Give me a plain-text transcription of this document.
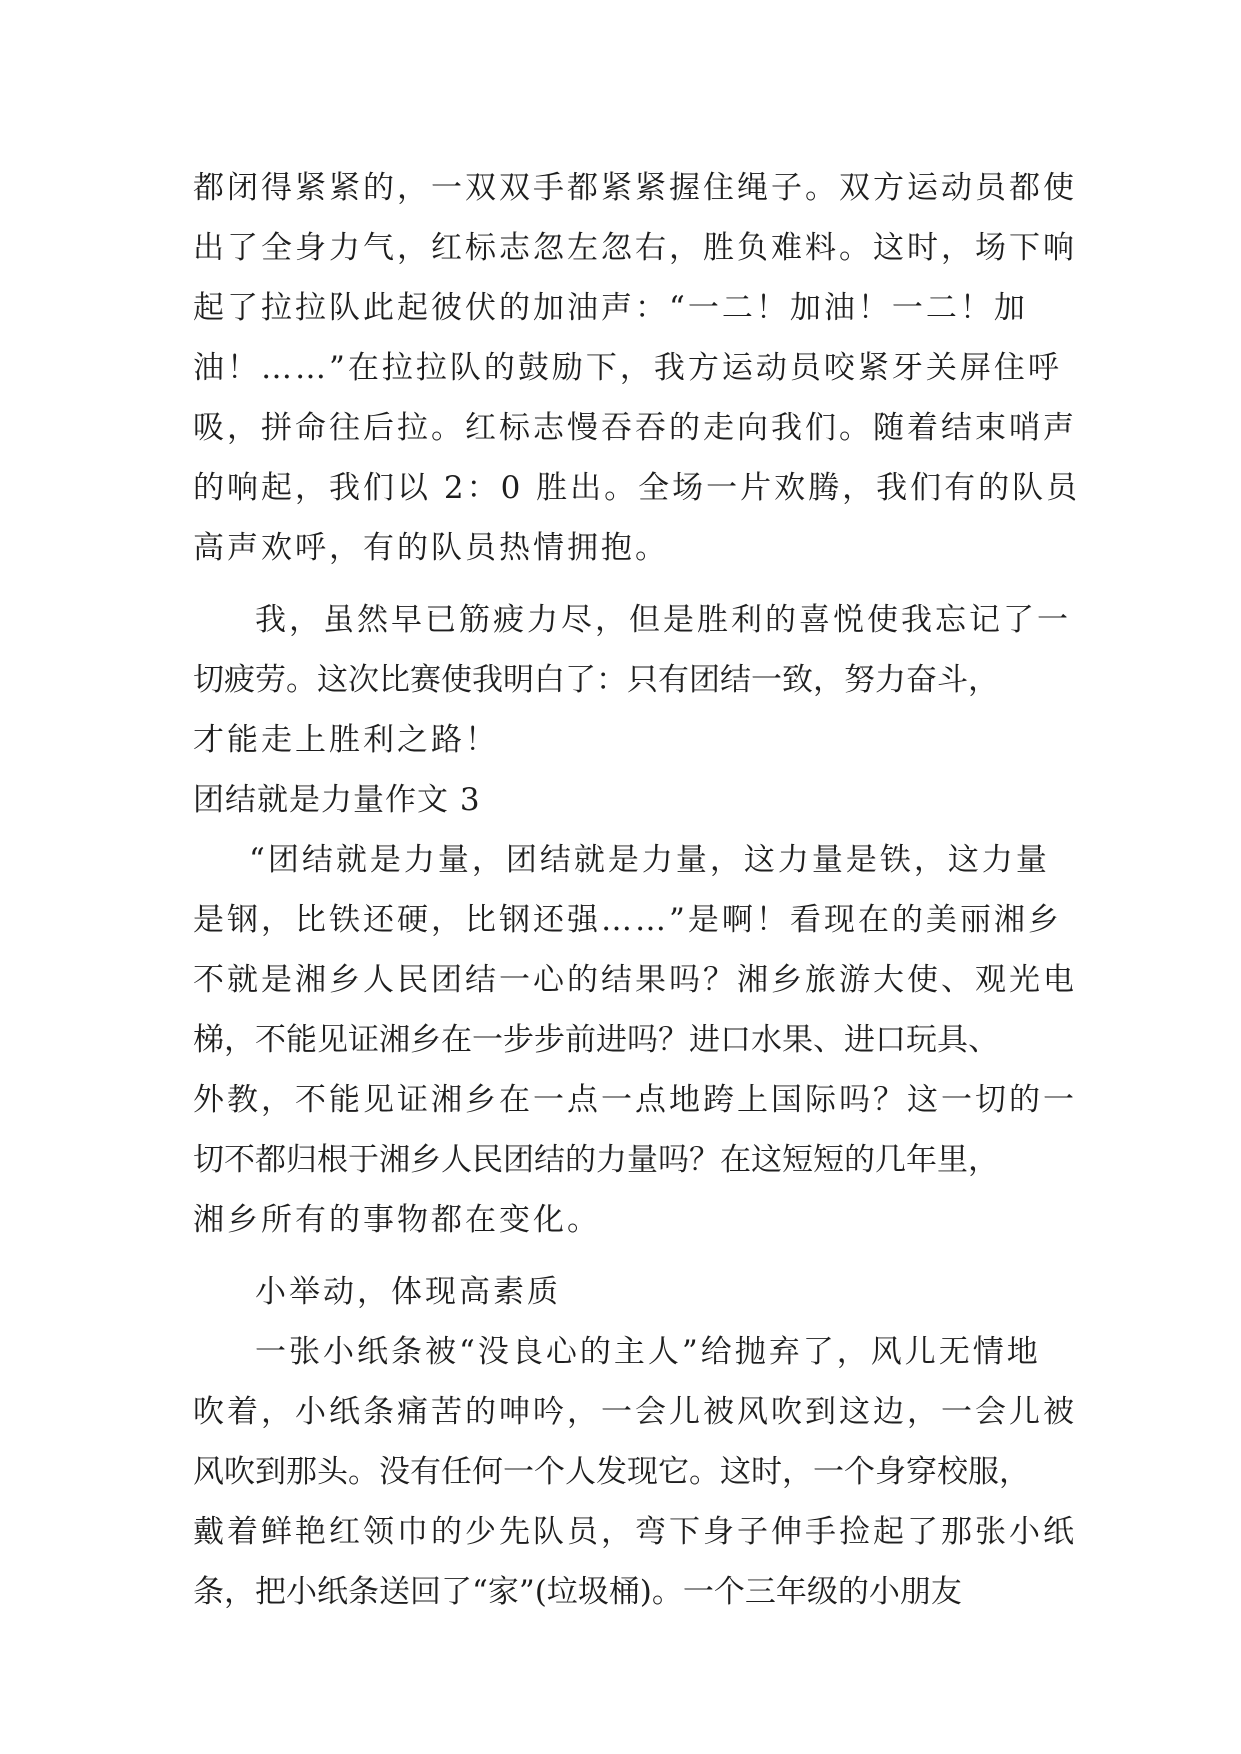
都闭得紧紧的，一双双手都紧紧握住绳子。双方运动员都使
出了全身力气，红标志忽左忽右，胜负难料。这时，场下响
起了拉拉队此起彼伏的加油声：“一二！加油！一二！加
油！……”在拉拉队的鼓励下，我方运动员咬紧牙关屏住呼
吸，拼命往后拉。红标志慢吞吞的走向我们。随着结束哨声
的响起，我们以 2：0 胜出。全场一片欢腾，我们有的队员
高声欢呼，有的队员热情拥抱。
我，虽然早已筋疲力尽，但是胜利的喜悦使我忘记了一
切疲劳。这次比赛使我明白了：只有团结一致，努力奋斗，
才能走上胜利之路！
团结就是力量作文 3
“团结就是力量，团结就是力量，这力量是铁，这力量
是钢，比铁还硬，比钢还强……”是啊！看现在的美丽湘乡
不就是湘乡人民团结一心的结果吗？湘乡旅游大使、观光电
梯，不能见证湘乡在一步步前进吗？进口水果、进口玩具、
外教，不能见证湘乡在一点一点地跨上国际吗？这一切的一
切不都归根于湘乡人民团结的力量吗？在这短短的几年里，
湘乡所有的事物都在变化。
小举动，体现高素质
一张小纸条被“没良心的主人”给抛弃了，风儿无情地
吹着，小纸条痛苦的呻吟，一会儿被风吹到这边，一会儿被
风吹到那头。没有任何一个人发现它。这时，一个身穿校服，
戴着鲜艳红领巾的少先队员，弯下身子伸手捡起了那张小纸
条，把小纸条送回了“家”(垃圾桶)。一个三年级的小朋友
